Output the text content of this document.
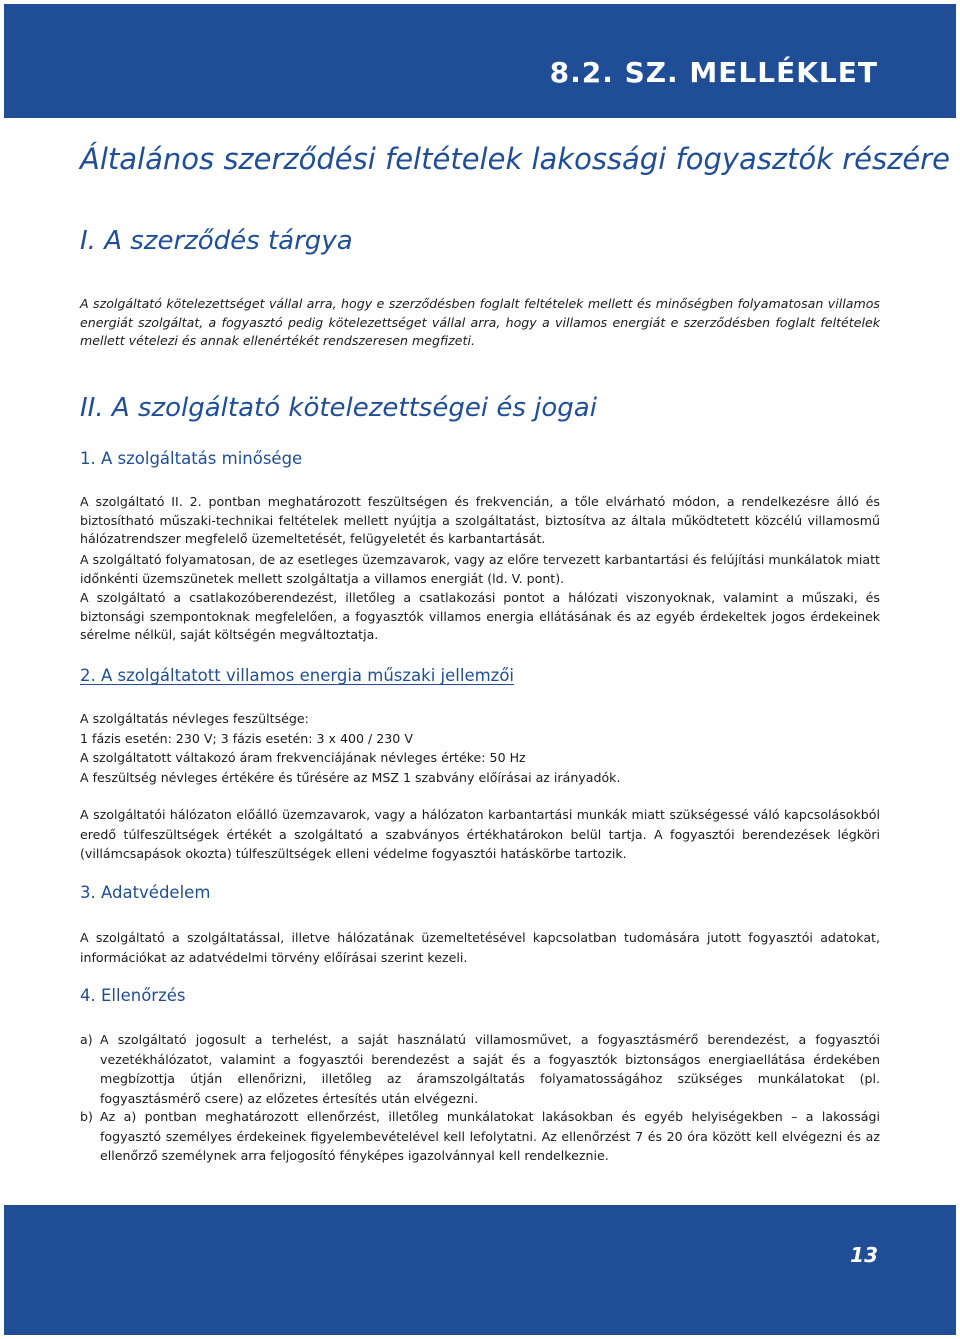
8.2. SZ. MELLÉKLET
Általános szerződési feltételek lakossági fogyasztók részére
I. A szerződés tárgya

A szolgáltató kötelezettséget vállal arra, hogy e szerződésben foglalt feltételek mellett és minőségben folyamatosan villamos energiát szolgáltat, a fogyasztó pedig kötelezettséget vállal arra, hogy a villamos energiát e szerződésben foglalt feltételek mellett vételezi és annak ellenértékét rendszeresen megfizeti.

II. A szolgáltató kötelezettségei és jogai
1. A szolgáltatás minősége

A szolgáltató II. 2. pontban meghatározott feszültségen és frekvencián, a tőle elvárható módon, a rendelkezésre álló és biztosítható műszaki-technikai feltételek mellett nyújtja a szolgáltatást, biztosítva az általa működtetett közcélú villamosmű hálózatrendszer megfelelő üzemeltetését, felügyeletét és karbantartását.

A szolgáltató folyamatosan, de az esetleges üzemzavarok, vagy az előre tervezett karbantartási és felújítási munkálatok miatt időnkénti üzemszünetek mellett szolgáltatja a villamos energiát (ld. V. pont).

A szolgáltató a csatlakozóberendezést, illetőleg a csatlakozási pontot a hálózati viszonyoknak, valamint a műszaki, és biztonsági szempontoknak megfelelően, a fogyasztók villamos energia ellátásának és az egyéb érdekeltek jogos érdekeinek sérelme nélkül, saját költségén megváltoztatja.

2. A szolgáltatott villamos energia műszaki jellemzői
A szolgáltatás névleges feszültsége:
1 fázis esetén: 230 V; 3 fázis esetén: 3 x 400 / 230 V
A szolgáltatott váltakozó áram frekvenciájának névleges értéke: 50 Hz
A feszültség névleges értékére és tűrésére az MSZ 1 szabvány előírásai az irányadók.

A szolgáltatói hálózaton előálló üzemzavarok, vagy a hálózaton karbantartási munkák miatt szükségessé váló kapcsolásokból eredő túlfeszültségek értékét a szolgáltató a szabványos értékhatárokon belül tartja. A fogyasztói berendezések légköri (villámcsapások okozta) túlfeszültségek elleni védelme fogyasztói hatáskörbe tartozik.

3. Adatvédelem

A szolgáltató a szolgáltatással, illetve hálózatának üzemeltetésével kapcsolatban tudomására jutott fogyasztói adatokat, információkat az adatvédelmi törvény előírásai szerint kezeli.

4. Ellenőrzés
a) A szolgáltató jogosult a terhelést, a saját használatú villamosművet, a fogyasztásmérő berendezést, a fogyasztói vezetékhálózatot, valamint a fogyasztói berendezést a saját és a fogyasztók biztonságos energiaellátása érdekében megbízottja útján ellenőrizni, illetőleg az áramszolgáltatás folyamatosságához szükséges munkálatokat (pl. fogyasztásmérő csere) az előzetes értesítés után elvégezni.
b) Az a) pontban meghatározott ellenőrzést, illetőleg munkálatokat lakásokban és egyéb helyiségekben – a lakossági fogyasztó személyes érdekeinek figyelembevételével kell lefolytatni. Az ellenőrzést 7 és 20 óra között kell elvégezni és az ellenőrző személynek arra feljogosító fényképes igazolvánnyal kell rendelkeznie.
13
